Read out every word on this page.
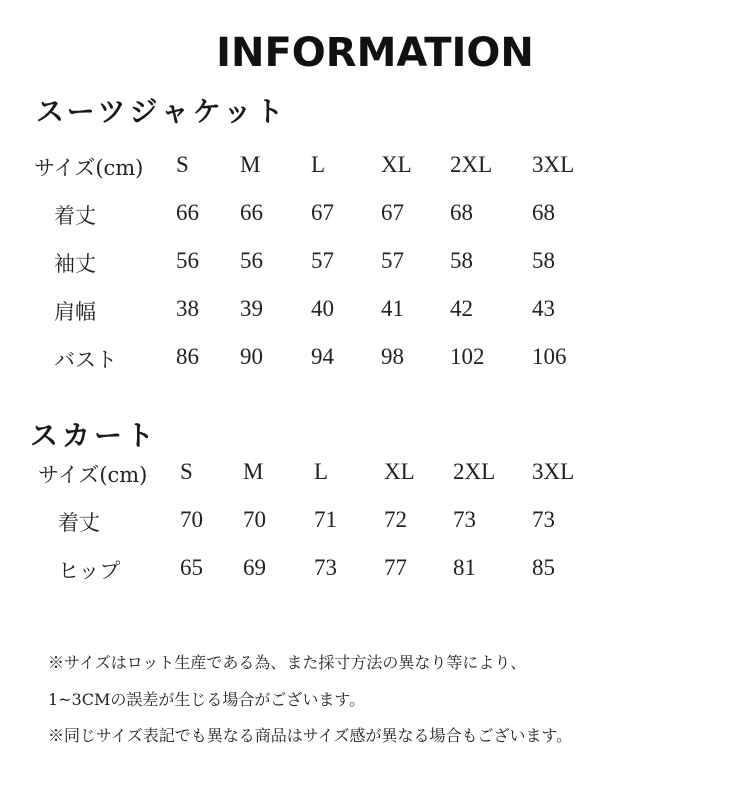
INFORMATION
スーツジャケット
サイズ(cm) S M L XL 2XL 3XL
着丈	66 66 67 67 68	68
袖丈	56 56 57 57 58	58
肩幅	38 39 40 41 42	43
バスト	86 90 94 98 102 106
スカート
サイズ(cm) S M L XL 2XL 3XL
着丈	70 70 71 72 73 73
ヒップ	65 69 73 77 81 85
※サイズはロット生産である為、また採寸方法の異なり等により、
1~3CMの誤差が生じる場合がございます。
※同じサイズ表記でも異なる商品はサイズ感が異なる場合もございます。
